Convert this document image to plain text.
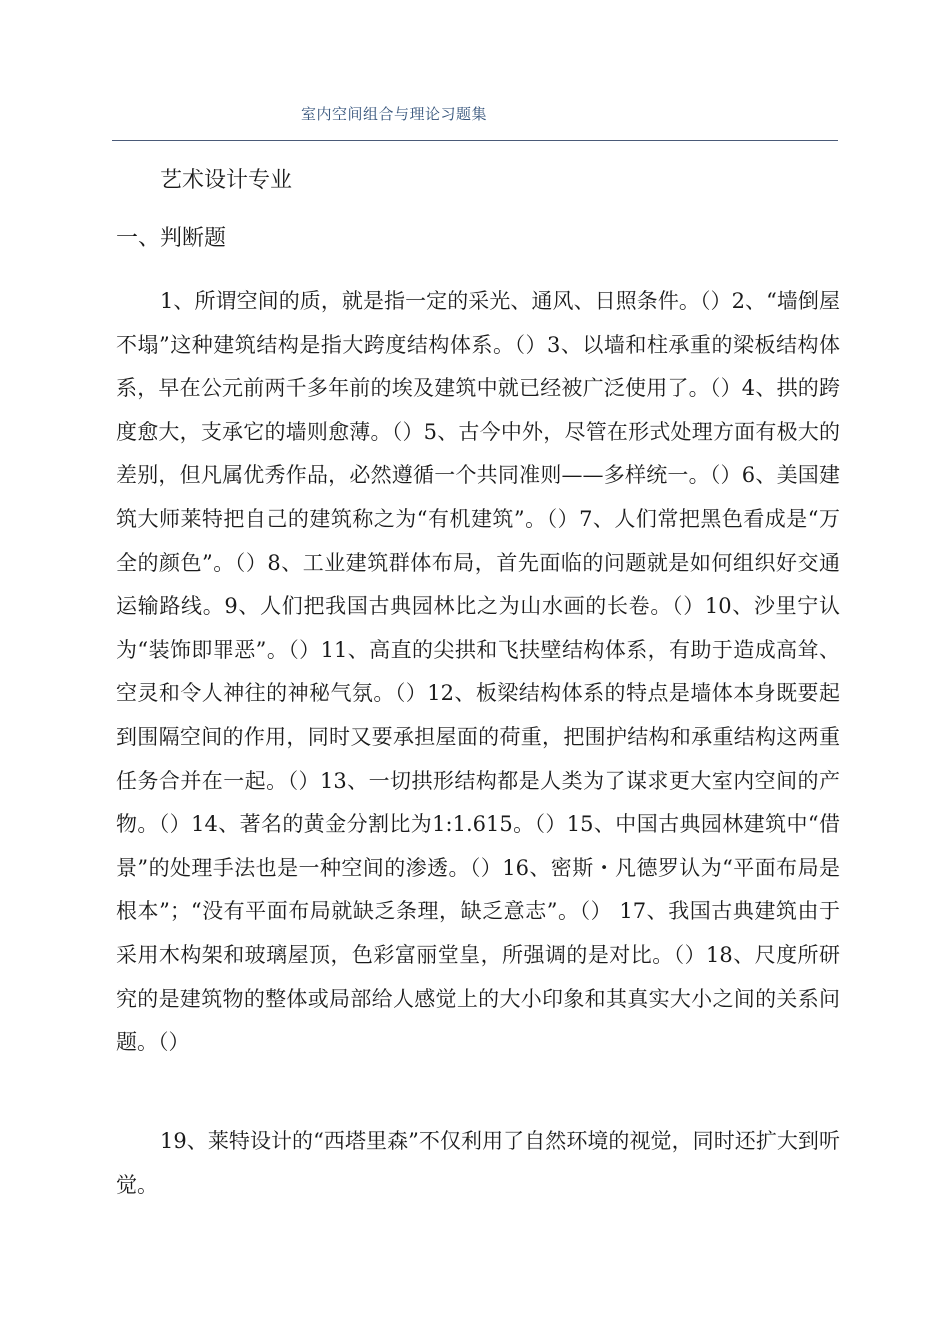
室内空间组合与理论习题集
艺术设计专业
一、判断题

1、所谓空间的质，就是指一定的采光、通风、日照条件。（）2、“墙倒屋不塌”这种建筑结构是指大跨度结构体系。（）3、以墙和柱承重的梁板结构体系，早在公元前两千多年前的埃及建筑中就已经被广泛使用了。（）4、拱的跨度愈大，支承它的墙则愈薄。（）5、古今中外，尽管在形式处理方面有极大的差别，但凡属优秀作品，必然遵循一个共同准则——多样统一。（）6、美国建筑大师莱特把自己的建筑称之为“有机建筑”。（）7、人们常把黑色看成是“万全的颜色”。（）8、工业建筑群体布局，首先面临的问题就是如何组织好交通运输路线。9、人们把我国古典园林比之为山水画的长卷。（）10、沙里宁认为“装饰即罪恶”。（）11、高直的尖拱和飞扶壁结构体系，有助于造成高耸、空灵和令人神往的神秘气氛。（）12、板梁结构体系的特点是墙体本身既要起到围隔空间的作用，同时又要承担屋面的荷重，把围护结构和承重结构这两重任务合并在一起。（）13、一切拱形结构都是人类为了谋求更大室内空间的产物。（）14、著名的黄金分割比为1:1.615。（）15、中国古典园林建筑中“借景”的处理手法也是一种空间的渗透。（）16、密斯・凡德罗认为“平面布局是根本”；“没有平面布局就缺乏条理，缺乏意志”。（） 17、我国古典建筑由于采用木构架和玻璃屋顶，色彩富丽堂皇，所强调的是对比。（）18、尺度所研究的是建筑物的整体或局部给人感觉上的大小印象和其真实大小之间的关系问题。（）

19、莱特设计的“西塔里森”不仅利用了自然环境的视觉，同时还扩大到听觉。
